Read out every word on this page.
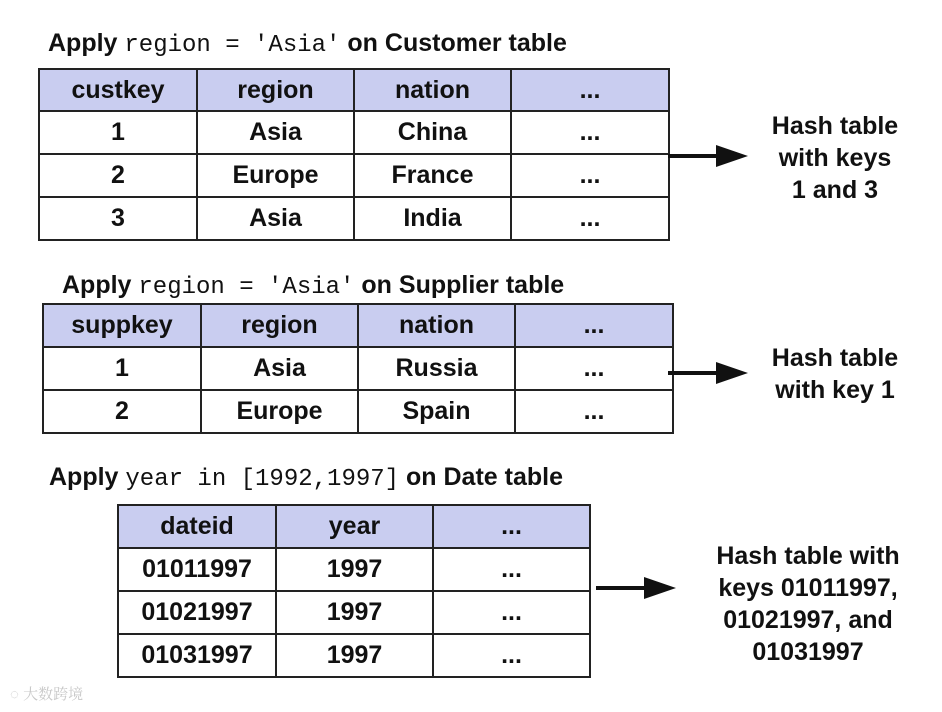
Apply region = 'Asia' on Customer table
custkey	region	nation	...
1	Asia	China	...
2	Europe	France	...
3	Asia	India	...
Hash table
with keys
1 and 3
Apply region = 'Asia' on Supplier table
suppkey	region	nation	...
1	Asia	Russia	...
2	Europe	Spain	...
Hash table
with key 1
Apply year in [1992,1997] on Date table
dateid	year	...
01011997	1997	...
01021997	1997	...
01031997	1997	...
Hash table with
keys 01011997,
01021997, and
01031997
◌ 大数跨境
